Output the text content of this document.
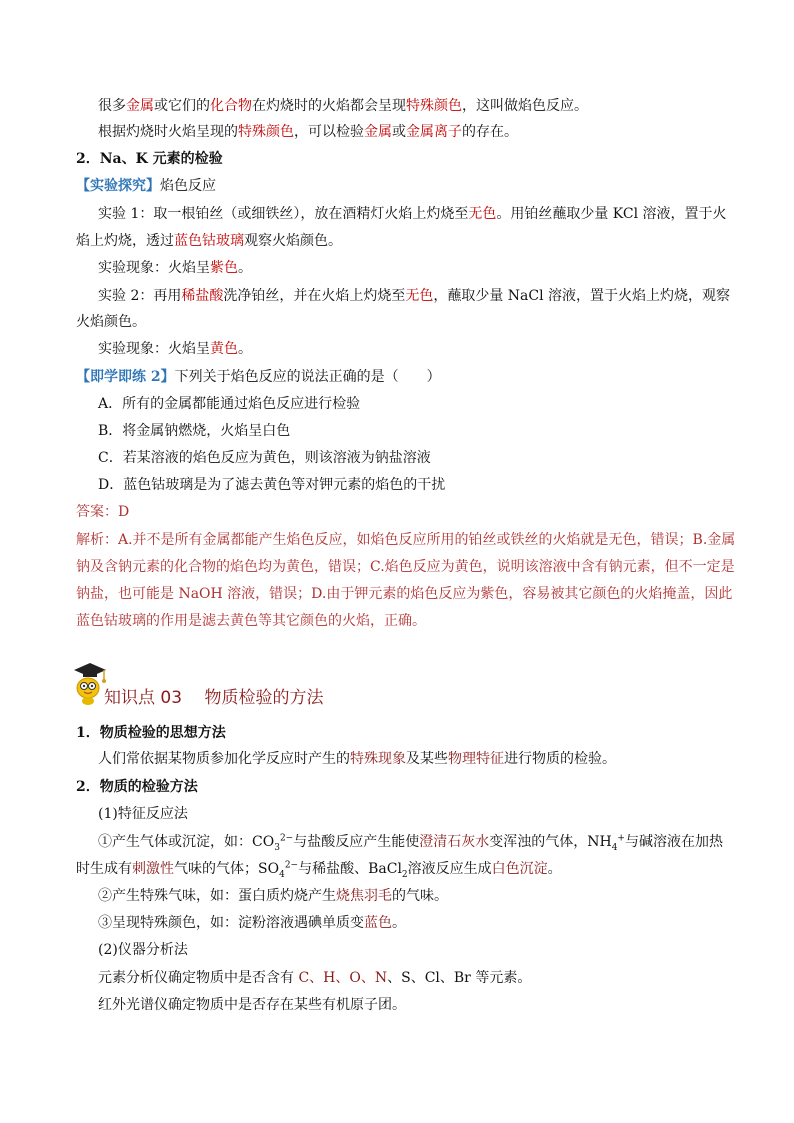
很多金属或它们的化合物在灼烧时的火焰都会呈现特殊颜色，这叫做焰色反应。
根据灼烧时火焰呈现的特殊颜色，可以检验金属或金属离子的存在。
2．Na、K 元素的检验
【实验探究】焰色反应
实验 1：取一根铂丝（或细铁丝），放在酒精灯火焰上灼烧至无色。用铂丝蘸取少量 KCl 溶液，置于火
焰上灼烧，透过蓝色钴玻璃观察火焰颜色。
实验现象：火焰呈紫色。
实验 2：再用稀盐酸洗净铂丝，并在火焰上灼烧至无色，蘸取少量 NaCl 溶液，置于火焰上灼烧，观察
火焰颜色。
实验现象：火焰呈黄色。
【即学即练 2】下列关于焰色反应的说法正确的是（　　）
A．所有的金属都能通过焰色反应进行检验
B．将金属钠燃烧，火焰呈白色
C．若某溶液的焰色反应为黄色，则该溶液为钠盐溶液
D．蓝色钴玻璃是为了滤去黄色等对钾元素的焰色的干扰
答案：D
解析：A.并不是所有金属都能产生焰色反应，如焰色反应所用的铂丝或铁丝的火焰就是无色，错误；B.金属
钠及含钠元素的化合物的焰色均为黄色，错误；C.焰色反应为黄色，说明该溶液中含有钠元素，但不一定是
钠盐，也可能是 NaOH 溶液，错误；D.由于钾元素的焰色反应为紫色，容易被其它颜色的火焰掩盖，因此
蓝色钴玻璃的作用是滤去黄色等其它颜色的火焰，正确。
知识点 03　 物质检验的方法
1．物质检验的思想方法
人们常依据某物质参加化学反应时产生的特殊现象及某些物理特征进行物质的检验。
2．物质的检验方法
(1)特征反应法
①产生气体或沉淀，如：$CO_3^{2-}$与盐酸反应产生能使澄清石灰水变浑浊的气体，$NH_4^+$与碱溶液在加热
时生成有刺激性气味的气体；$SO_4^{2-}$与稀盐酸、BaCl$_2$溶液反应生成白色沉淀。
②产生特殊气味，如：蛋白质灼烧产生烧焦羽毛的气味。
③呈现特殊颜色，如：淀粉溶液遇碘单质变蓝色。
(2)仪器分析法
元素分析仪确定物质中是否含有 C、H、O、N、S、Cl、Br 等元素。
红外光谱仪确定物质中是否存在某些有机原子团。
